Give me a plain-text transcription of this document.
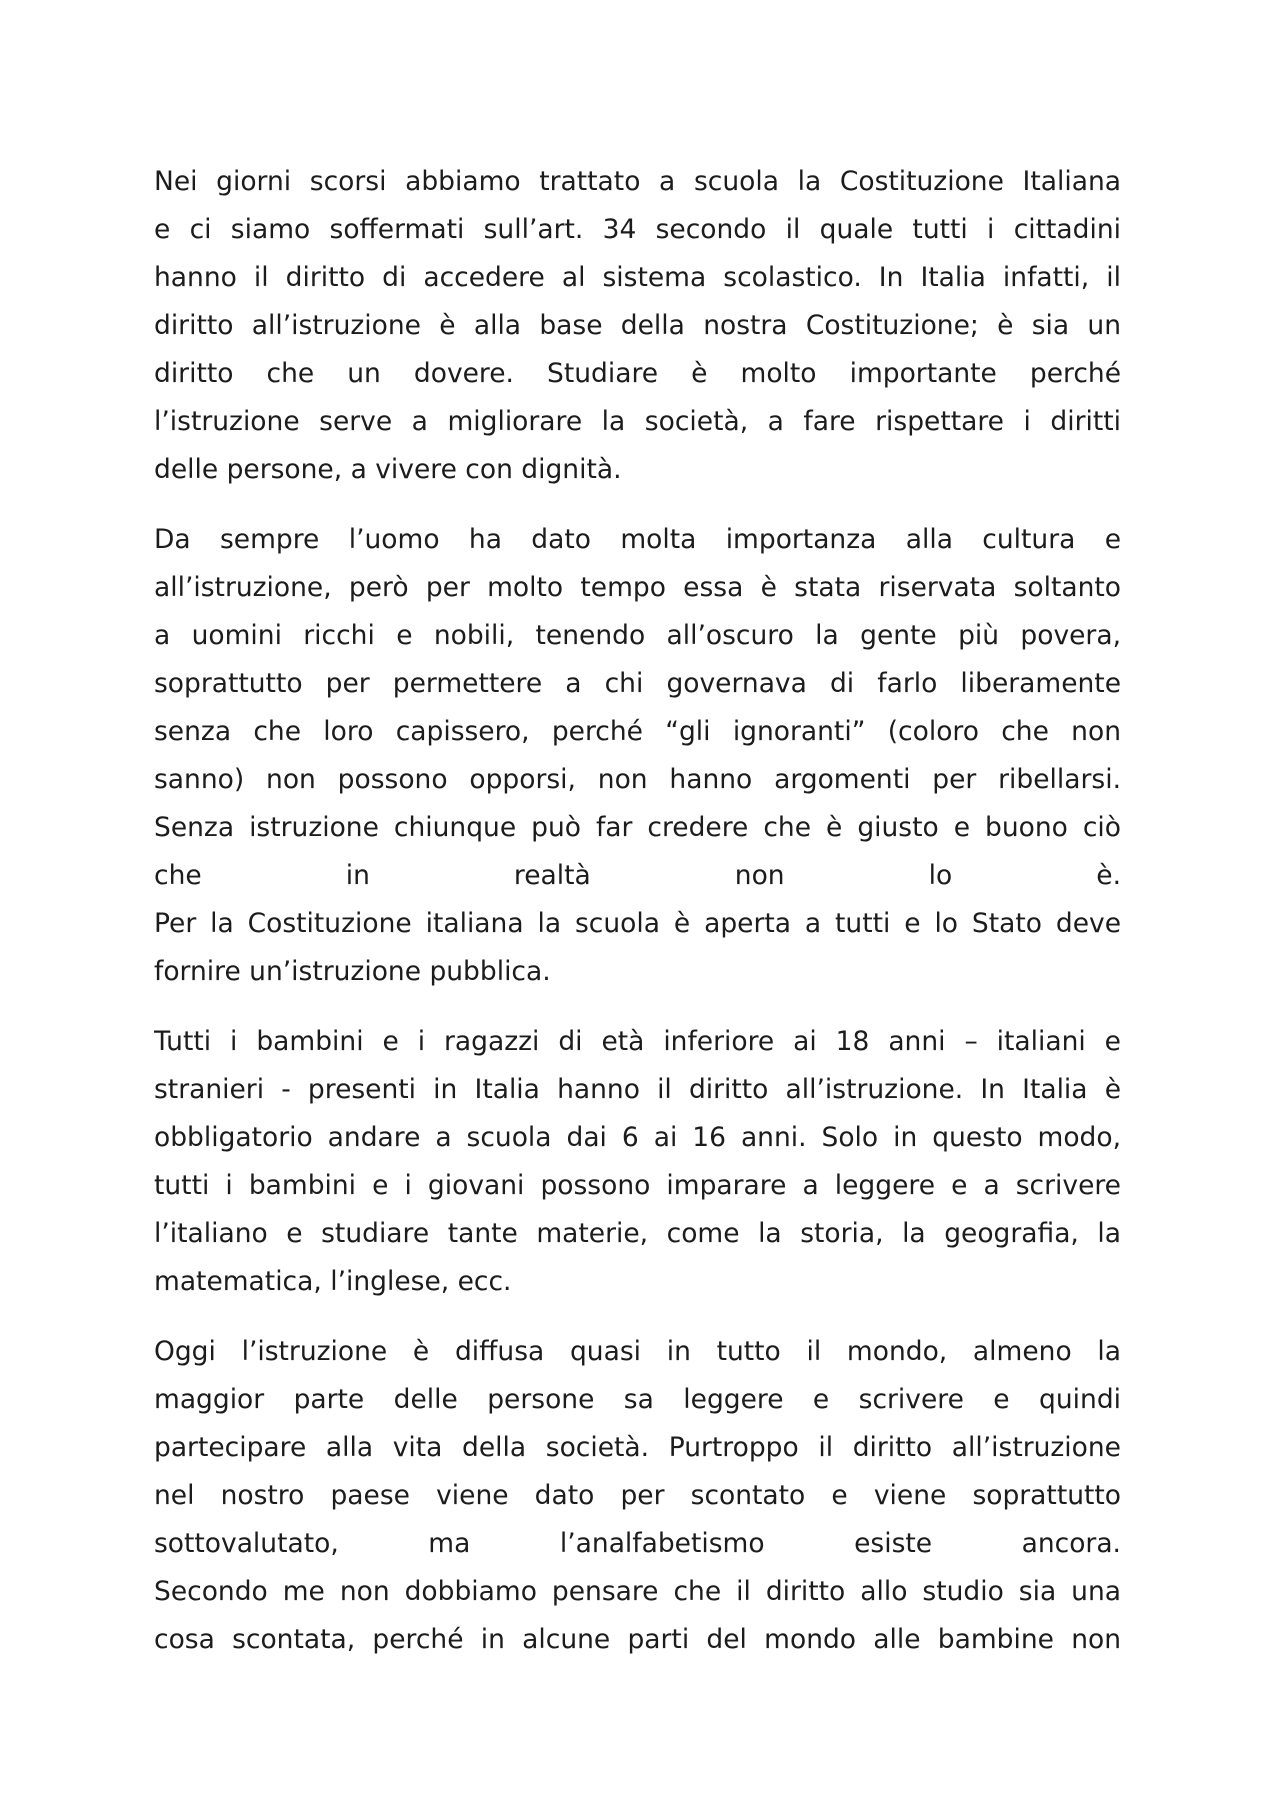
Nei giorni scorsi abbiamo trattato a scuola la Costituzione Italiana
e ci siamo soffermati sull’art. 34 secondo il quale tutti i cittadini
hanno il diritto di accedere al sistema scolastico. In Italia infatti, il
diritto all’istruzione è alla base della nostra Costituzione; è sia un
diritto che un dovere. Studiare è molto importante perché
l’istruzione serve a migliorare la società, a fare rispettare i diritti
delle persone, a vivere con dignità.
Da sempre l’uomo ha dato molta importanza alla cultura e
all’istruzione, però per molto tempo essa è stata riservata soltanto
a uomini ricchi e nobili, tenendo all’oscuro la gente più povera,
soprattutto per permettere a chi governava di farlo liberamente
senza che loro capissero, perché “gli ignoranti” (coloro che non
sanno) non possono opporsi, non hanno argomenti per ribellarsi.
Senza istruzione chiunque può far credere che è giusto e buono ciò
che in realtà non lo è.
Per la Costituzione italiana la scuola è aperta a tutti e lo Stato deve
fornire un’istruzione pubblica.
Tutti i bambini e i ragazzi di età inferiore ai 18 anni – italiani e
stranieri - presenti in Italia hanno il diritto all’istruzione. In Italia è
obbligatorio andare a scuola dai 6 ai 16 anni. Solo in questo modo,
tutti i bambini e i giovani possono imparare a leggere e a scrivere
l’italiano e studiare tante materie, come la storia, la geografia, la
matematica, l’inglese, ecc.
Oggi l’istruzione è diffusa quasi in tutto il mondo, almeno la
maggior parte delle persone sa leggere e scrivere e quindi
partecipare alla vita della società. Purtroppo il diritto all’istruzione
nel nostro paese viene dato per scontato e viene soprattutto
sottovalutato, ma l’analfabetismo esiste ancora.
Secondo me non dobbiamo pensare che il diritto allo studio sia una
cosa scontata, perché in alcune parti del mondo alle bambine non
